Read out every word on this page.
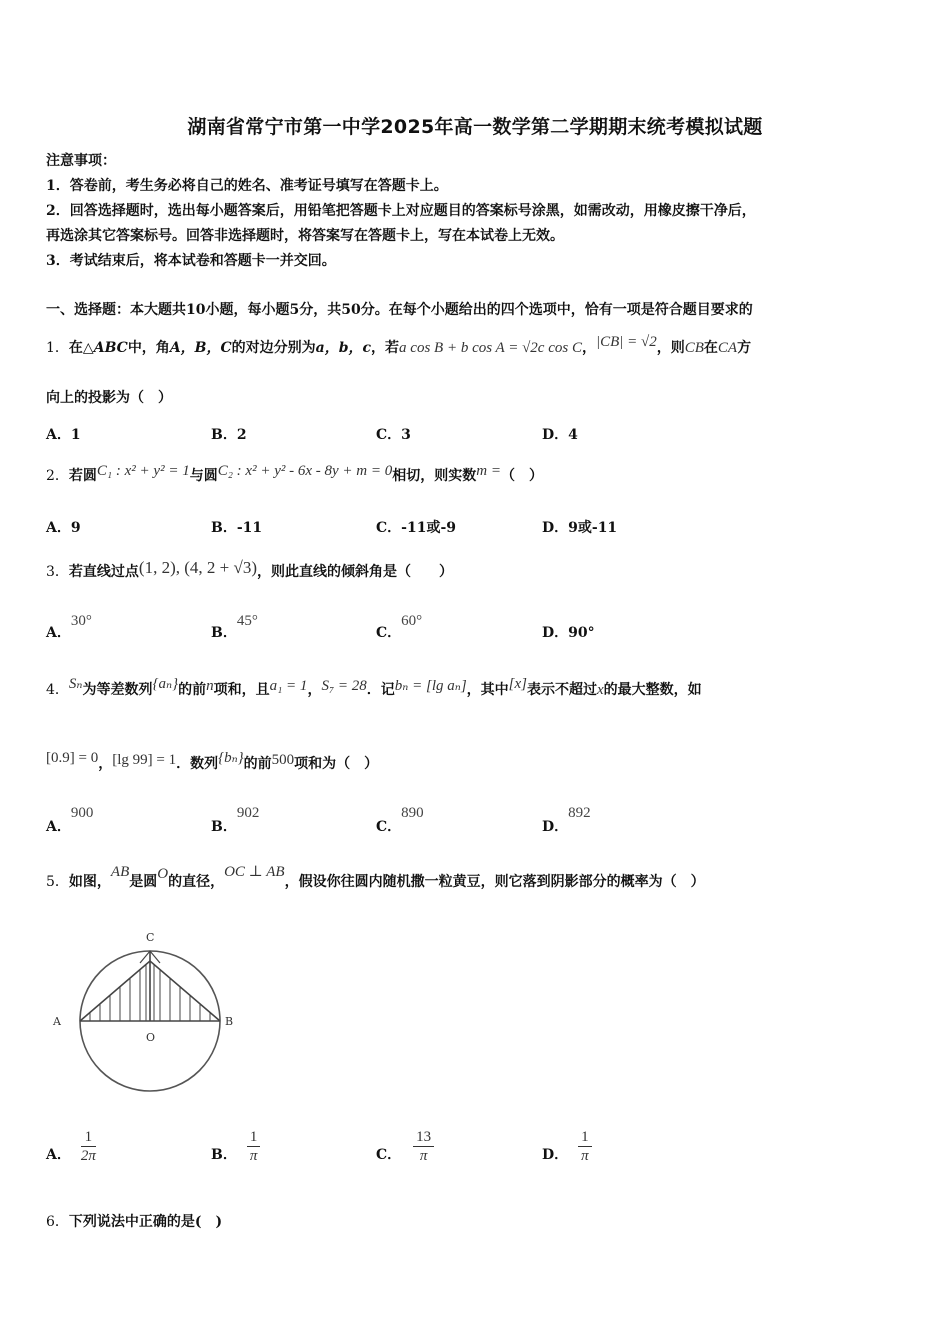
湖南省常宁市第一中学2025年高一数学第二学期期末统考模拟试题
注意事项：
1．答卷前，考生务必将自己的姓名、准考证号填写在答题卡上。
2．回答选择题时，选出每小题答案后，用铅笔把答题卡上对应题目的答案标号涂黑，如需改动，用橡皮擦干净后，
再选涂其它答案标号。回答非选择题时，将答案写在答题卡上，写在本试卷上无效。
3．考试结束后，将本试卷和答题卡一并交回。
一、选择题：本大题共10小题，每小题5分，共50分。在每个小题给出的四个选项中，恰有一项是符合题目要求的
1．在△ABC中，角A，B，C的对边分别为a，b，c，若a cos B + b cos A = √2c cos C，|CB| = √2，则CB在CA方
向上的投影为（　）
A．1	B．2	C．3	D．4
2．若圆C₁ : x² + y² = 1与圆C₂ : x² + y² - 6x - 8y + m = 0相切，则实数m =（　）
A．9	B．-11	C．-11或-9	D．9或-11
3．若直线过点(1, 2), (4, 2 + √3)，则此直线的倾斜角是（　　）
A．30°
B．45°
C．60°
D．90°
4．Sₙ为等差数列{aₙ}的前n项和，且a₁ = 1，S₇ = 28．记bₙ = [lg aₙ]，其中[x]表示不超过x的最大整数，如
[0.9] = 0，[lg 99] = 1．数列{bₙ}的前500项和为（　）
A．900
B．902
C．890
D．892
5．如图，AB是圆O的直径，OC ⊥ AB，假设你往圆内随机撒一粒黄豆，则它落到阴影部分的概率为（　）
C
A	B
O
A． $\frac{1}{2\pi}$	B． $\frac{1}{\pi}$	C． $\frac{13}{\pi}$	D． $\frac{1}{\pi}$
6．下列说法中正确的是(　)
